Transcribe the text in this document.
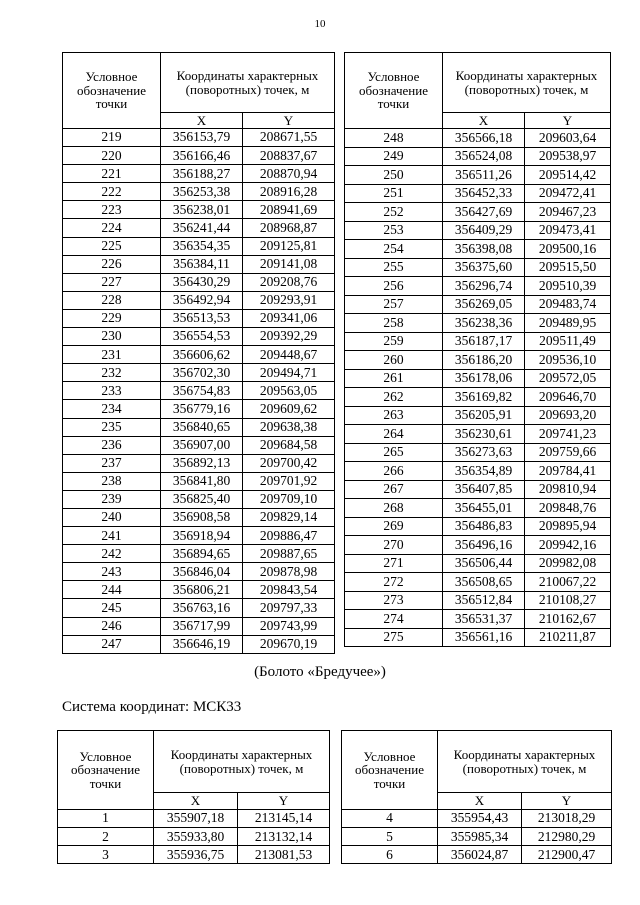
10
Условное обозначение точки	Координаты характерных (поворотных) точек, м	
	X	Y
219	356153,79	208671,55
220	356166,46	208837,67
221	356188,27	208870,94
222	356253,38	208916,28
223	356238,01	208941,69
224	356241,44	208968,87
225	356354,35	209125,81
226	356384,11	209141,08
227	356430,29	209208,76
228	356492,94	209293,91
229	356513,53	209341,06
230	356554,53	209392,29
231	356606,62	209448,67
232	356702,30	209494,71
233	356754,83	209563,05
234	356779,16	209609,62
235	356840,65	209638,38
236	356907,00	209684,58
237	356892,13	209700,42
238	356841,80	209701,92
239	356825,40	209709,10
240	356908,58	209829,14
241	356918,94	209886,47
242	356894,65	209887,65
243	356846,04	209878,98
244	356806,21	209843,54
245	356763,16	209797,33
246	356717,99	209743,99
247	356646,19	209670,19
Условное обозначение точки	Координаты характерных (поворотных) точек, м	
	X	Y
248	356566,18	209603,64
249	356524,08	209538,97
250	356511,26	209514,42
251	356452,33	209472,41
252	356427,69	209467,23
253	356409,29	209473,41
254	356398,08	209500,16
255	356375,60	209515,50
256	356296,74	209510,39
257	356269,05	209483,74
258	356238,36	209489,95
259	356187,17	209511,49
260	356186,20	209536,10
261	356178,06	209572,05
262	356169,82	209646,70
263	356205,91	209693,20
264	356230,61	209741,23
265	356273,63	209759,66
266	356354,89	209784,41
267	356407,85	209810,94
268	356455,01	209848,76
269	356486,83	209895,94
270	356496,16	209942,16
271	356506,44	209982,08
272	356508,65	210067,22
273	356512,84	210108,27
274	356531,37	210162,67
275	356561,16	210211,87
(Болото «Бредучее»)
Система координат: МСК33
Условное обозначение точки	Координаты характерных (поворотных) точек, м	
	X	Y
1	355907,18	213145,14
2	355933,80	213132,14
3	355936,75	213081,53
Условное обозначение точки	Координаты характерных (поворотных) точек, м	
	X	Y
4	355954,43	213018,29
5	355985,34	212980,29
6	356024,87	212900,47
